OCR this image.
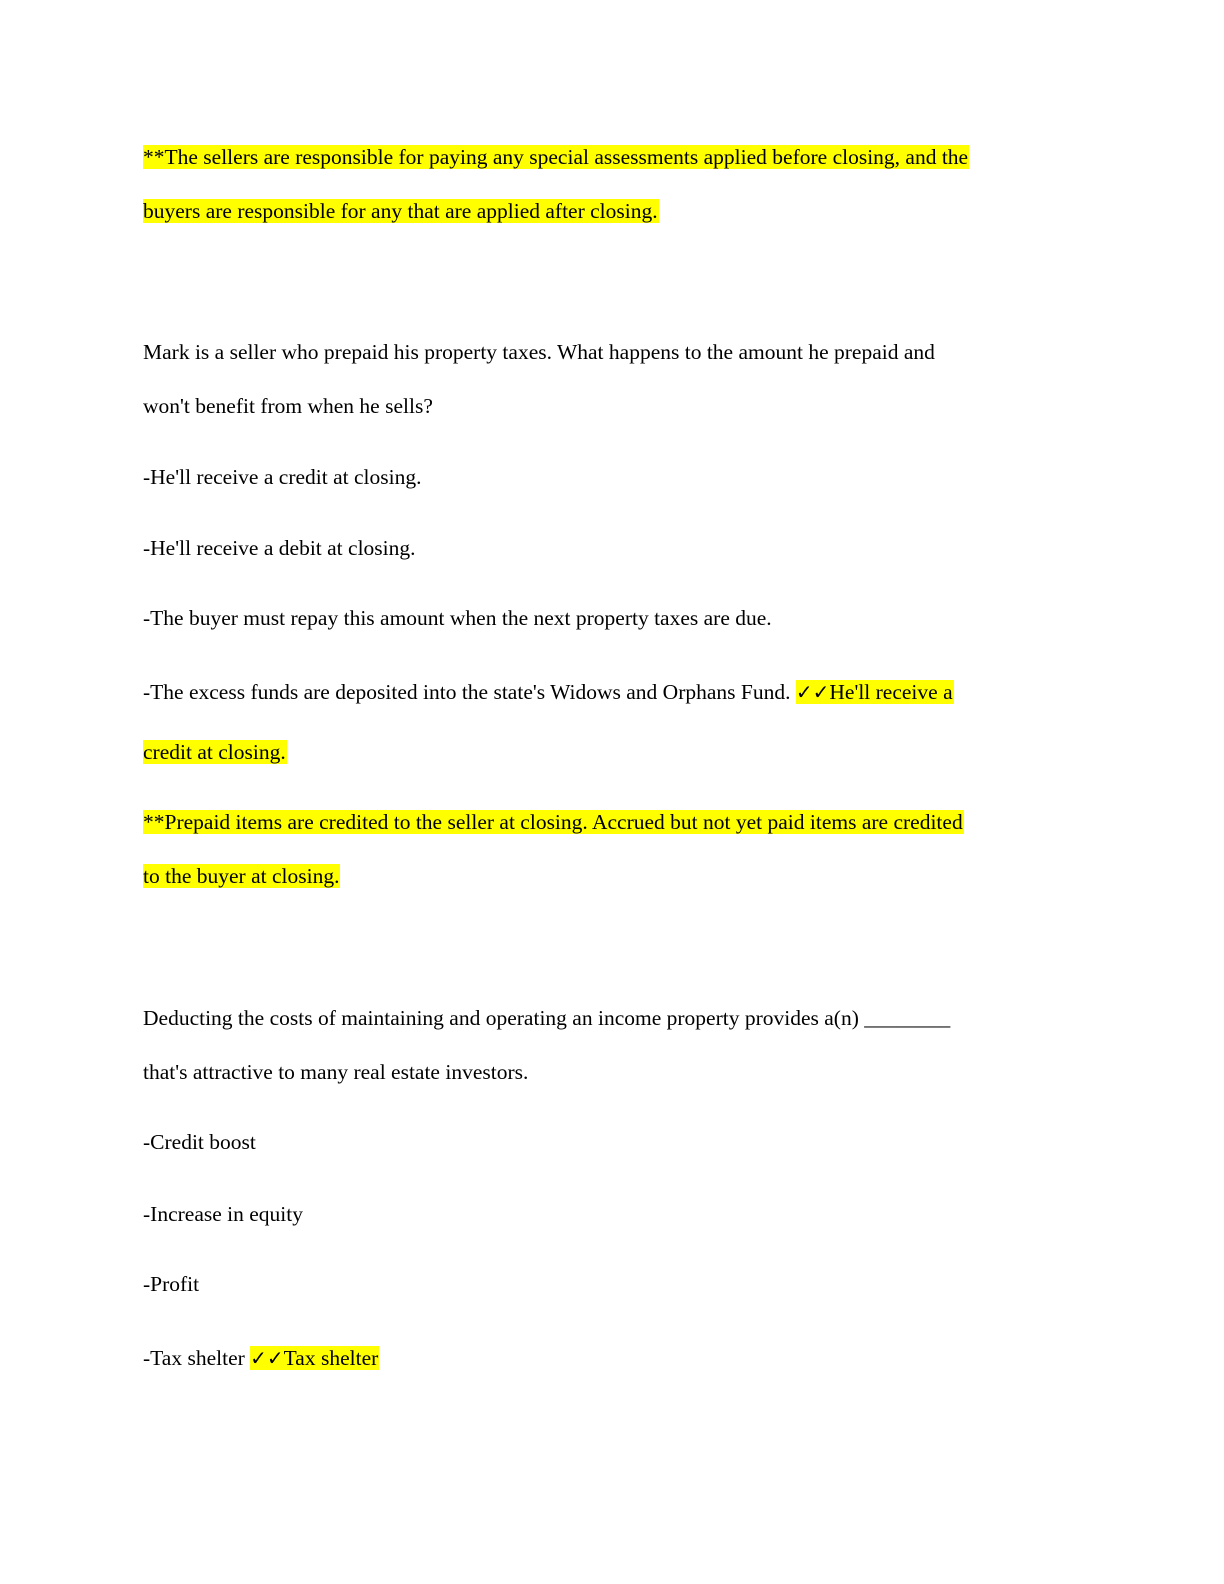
**The sellers are responsible for paying any special assessments applied before closing, and the
buyers are responsible for any that are applied after closing.
Mark is a seller who prepaid his property taxes. What happens to the amount he prepaid and
won't benefit from when he sells?
-He'll receive a credit at closing.
-He'll receive a debit at closing.
-The buyer must repay this amount when the next property taxes are due.
-The excess funds are deposited into the state's Widows and Orphans Fund. ✓✓He'll receive a
credit at closing.
**Prepaid items are credited to the seller at closing. Accrued but not yet paid items are credited
to the buyer at closing.
Deducting the costs of maintaining and operating an income property provides a(n) ________
that's attractive to many real estate investors.
-Credit boost
-Increase in equity
-Profit
-Tax shelter ✓✓Tax shelter
